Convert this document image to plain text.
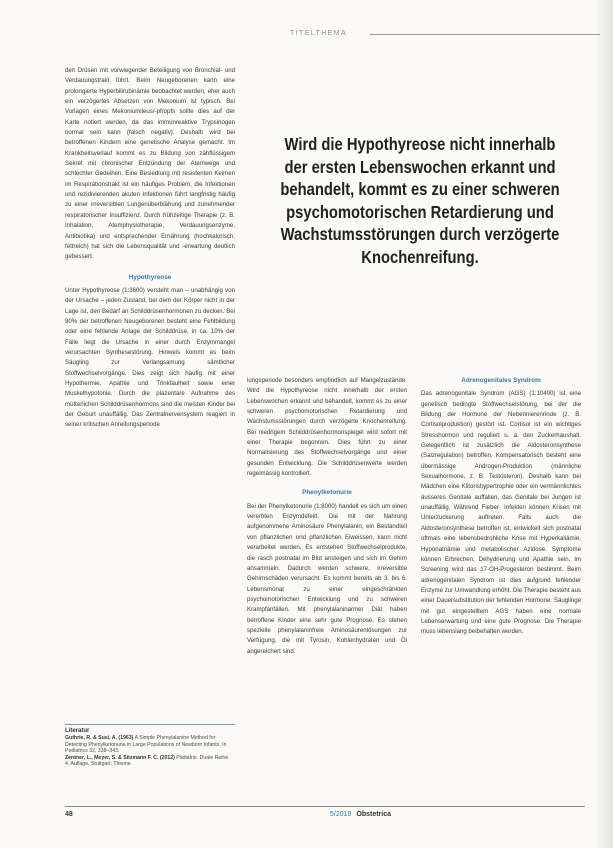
TITELTHEMA

den Drüsen mit vorwiegender Beteiligung von Bronchial- und Verdauungstrakt führt. Beim Neugeborenen kann eine prolongierte Hyperbilirubinämie beobachtet werden, eher auch ein verzögertes Absetzen von Mekonium ist typisch. Bei Vorlagen eines Mekoniumileus/-pfropfs sollte dies auf der Karte notiert werden, da das immunreaktive Trypsinogen normal sein kann (falsch negativ). Deshalb wird bei betroffenen Kindern eine genetische Analyse gemacht. Im Krankheitsverlauf kommt es zu Bildung von zähflüssigem Sekret mit chronischer Entzündung der Atemwege und schlechter Gedeihen. Eine Besiedlung mit resistenten Keimen im Respirationstrakt ist ein häufiges Problem, die Infektionen und rezidivierenden akuten Infektionen führt langfristig häufig zu einer irreversiblen Lungenüberblähung und zunehmender respiratorischer Insuffizienz. Durch frühzeitige Therapie (z. B. Inhalation, Atemphysiotherapie, Verdauungsenzyme, Antibiotika) und entsprechender Ernährung (hochkalorisch, fettreich) hat sich die Lebensqualität und -erwartung deutlich gebessert.

Hypothyreose

Unter Hypothyreose (1:3600) versteht man – unabhängig von der Ursache – jeden Zustand, bei dem der Körper nicht in der Lage ist, den Bedarf an Schilddrüsenhormonen zu decken. Bei 90% der betroffenen Neugeborenen besteht eine Fehlbildung oder eine fehlende Anlage der Schilddrüse, in ca. 10% der Fälle liegt die Ursache in einer durch Enzymmangel verursachten Synthesestörung. Hinweis kommt es beim Säugling zur Verlangsamung sämtlicher Stoffwechselvorgänge. Dies zeigt sich häufig mit einer Hypothermie, Apathie und Trinkfaulheit sowie einer Muskelhypotonie. Durch die plazentare Aufnahme des mütterlichen Schilddrüsenhormons sind die meisten Kinder bei der Geburt unauffällig. Das Zentralnervensystem reagiert in seiner kritischen Anreifungsperiode

Wird die Hypothyreose nicht innerhalb der ersten Lebenswochen erkannt und behandelt, kommt es zu einer schweren psychomotorischen Retardierung und Wachstumsstörungen durch verzögerte Knochenreifung.

lungsperiode besonders empfindlich auf Mangelzustände. Wird die Hypothyreose nicht innerhalb der ersten Lebenswochen erkannt und behandelt, kommt es zu einer schweren psychomotorischen Retardierung und Wachstumsstörungen durch verzögerte Knochenreifung. Bei niedrigem Schilddrüsenhormonspiegel wird sofort mit einer Therapie begonnen. Dies führt zu einer Normalisierung des Stoffwechselvorgänge und einer gesunden Entwicklung. Die Schilddrüsenwerte werden regelmässig kontrolliert.

Phenylketonurie

Bei der Phenylketonurie (1:8000) handelt es sich um einen vererbten Enzymdefekt. Die mit der Nahrung aufgenommene Aminosäure Phenylalanin, ein Bestandteil von pflanzlichen und pflanzlichen Eiweissen, kann nicht verarbeitet werden. Es entstehen Stoffwechselprodukte, die rasch postnatal im Blut ansteigen und sich im Gehirn ansammeln. Dadurch werden schwere, irreversible Gehirnschäden verursacht. Es kommt bereits ab 3. bis 6. Lebensmonat zu einer eingeschränkten psychomotorischen Entwicklung und zu schweren Krampfanfällen. Mit phenylalaninarmer Diät haben betroffene Kinder eine sehr gute Prognose. Es stehen spezielle phenylalaninfreie Aminosäurenlösungen zur Verfügung, die mit Tyrosin, Kohlenhydraten und Öl angereichert sind.

Adrenogenitales Syndrom

Das adrenogenitale Syndrom (AGS) (1:10400) ist eine genetisch bedingte Stoffwechselstörung, bei der die Bildung der Hormone der Nebennierenrinde (z. B. Cortisolproduktion) gestört ist. Cortisol ist ein wichtiges Stresshormon und reguliert u. a. den Zuckerhaushalt. Gelegentlich ist zusätzlich die Aldosteronsynthese (Salzregulation) betroffen. Kompensatorisch besteht eine übermässige Androgen-Produktion (männliche Sexualhormone, z. B. Testosteron). Deshalb kann bei Mädchen eine Klitorishypertrophie oder ein vermännlichtes äusseres Genitale auffallen, das Genitale bei Jungen ist unauffällig. Während Fieber- Infekten können Krisen mit Unterzuckerung auftreten. Falls auch die Aldosteronsynthese betroffen ist, entwickelt sich postnatal oftmals eine lebensbedrohliche Krise mit Hyperkaliämie, Hyponatriämie und metabolischer Azidose. Symptome können Erbrechen, Dehydrierung und Apathie sein. Im Screening wird das 17-OH-Progesteron bestimmt. Beim adrenogenitalen Syndrom ist dies aufgrund fehlender Enzyme zur Umwandlung erhöht. Die Therapie besteht aus einer Dauersubstitution der fehlenden Hormone. Säuglinge mit gut eingestelltem AGS haben eine normale Lebenserwartung und eine gute Prognose. Die Therapie muss lebenslang beibehalten werden.

Literatur
Guthrie, R. & Susi, A. (1963) A Simple Phenylalanine Method for Detecting Phenylketonuria in Large Populations of Newborn Infants. In Pediatrics 32, 338–343.
Zentner, L., Meyer, S. & Sitzmann F. C. (2012) Pädiatrie. Duale Reihe. 4. Auflage. Stuttgart: Thieme.
48	5/2019 Obstetrica
